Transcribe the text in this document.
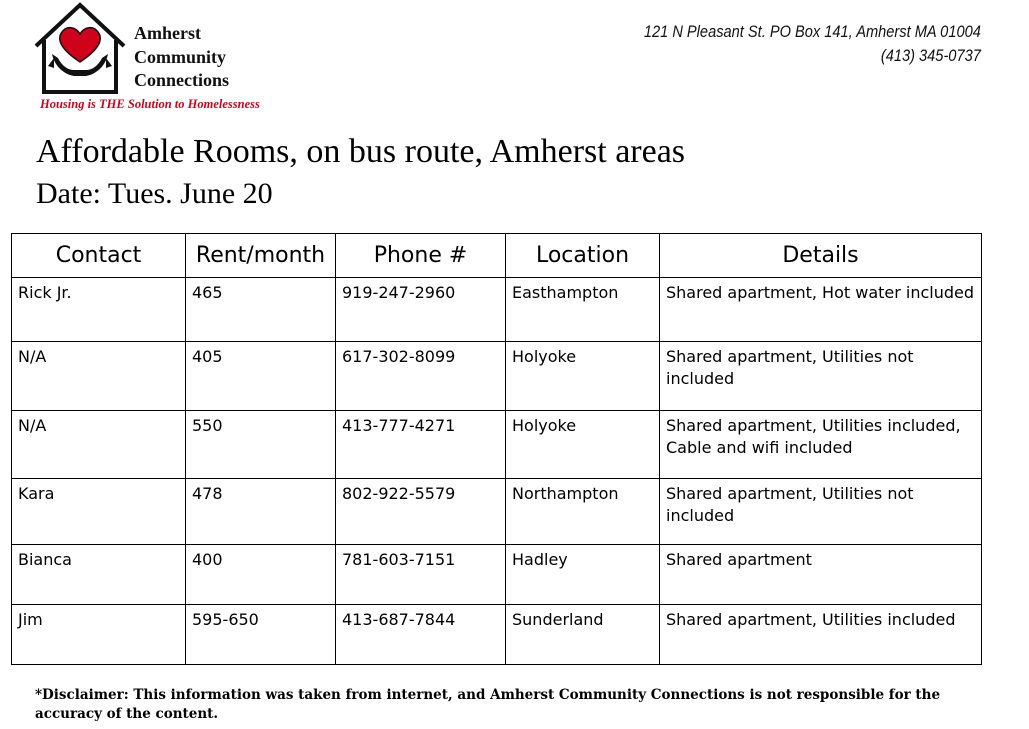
Amherst
Community
Connections
Housing is THE Solution to Homelessness
121 N Pleasant St. PO Box 141, Amherst MA 01004
(413) 345-0737
Affordable Rooms, on bus route, Amherst areas
Date: Tues. June 20
Contact	Rent/month	Phone #	Location	Details
Rick Jr.	465	919-247-2960	Easthampton	Shared apartment, Hot water included
N/A	405	617-302-8099	Holyoke	Shared apartment, Utilities not included
N/A	550	413-777-4271	Holyoke	Shared apartment, Utilities included, Cable and wifi included
Kara	478	802-922-5579	Northampton	Shared apartment, Utilities not included
Bianca	400	781-603-7151	Hadley	Shared apartment
Jim	595-650	413-687-7844	Sunderland	Shared apartment, Utilities included
*Disclaimer: This information was taken from internet, and Amherst Community Connections is not responsible for the accuracy of the content.
